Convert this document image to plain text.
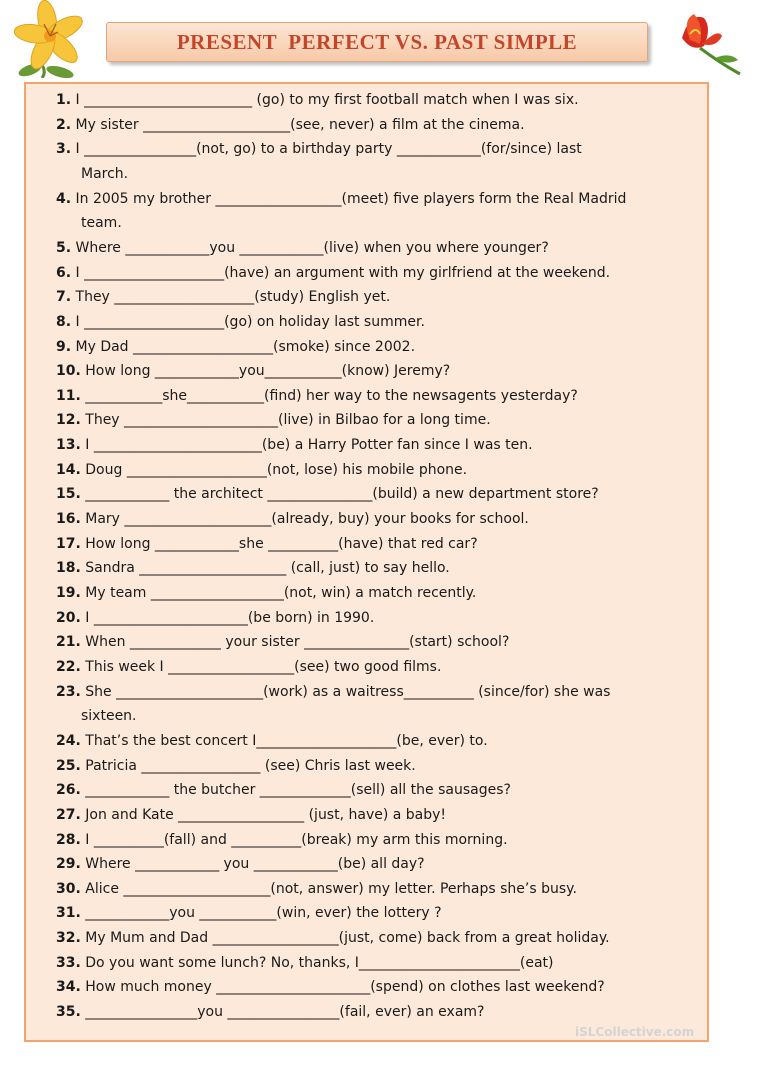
PRESENT  PERFECT VS. PAST SIMPLE
1. I ________________________ (go) to my first football match when I was six.
2. My sister _____________________(see, never) a film at the cinema.
3. I ________________(not, go) to a birthday party ____________(for/since) last
March.
4. In 2005 my brother __________________(meet) five players form the Real Madrid
team.
5. Where ____________you ____________(live) when you where younger?
6. I ____________________(have) an argument with my girlfriend at the weekend.
7. They ____________________(study) English yet.
8. I ____________________(go) on holiday last summer.
9. My Dad ____________________(smoke) since 2002.
10. How long ____________you___________(know) Jeremy?
11. ___________she___________(find) her way to the newsagents yesterday?
12. They ______________________(live) in Bilbao for a long time.
13. I ________________________(be) a Harry Potter fan since I was ten.
14. Doug ____________________(not, lose) his mobile phone.
15. ____________ the architect _______________(build) a new department store?
16. Mary _____________________(already, buy) your books for school.
17. How long ____________she __________(have) that red car?
18. Sandra _____________________ (call, just) to say hello.
19. My team ___________________(not, win) a match recently.
20. I ______________________(be born) in 1990.
21. When _____________ your sister _______________(start) school?
22. This week I __________________(see) two good films.
23. She _____________________(work) as a waitress__________ (since/for) she was
sixteen.
24. That’s the best concert I____________________(be, ever) to.
25. Patricia _________________ (see) Chris last week.
26. ____________ the butcher _____________(sell) all the sausages?
27. Jon and Kate __________________ (just, have) a baby!
28. I __________(fall) and __________(break) my arm this morning.
29. Where ____________ you ____________(be) all day?
30. Alice _____________________(not, answer) my letter. Perhaps she’s busy.
31. ____________you ___________(win, ever) the lottery ?
32. My Mum and Dad __________________(just, come) back from a great holiday.
33. Do you want some lunch? No, thanks, I_______________________(eat)
34. How much money ______________________(spend) on clothes last weekend?
35. ________________you ________________(fail, ever) an exam?
iSLCollective.com
